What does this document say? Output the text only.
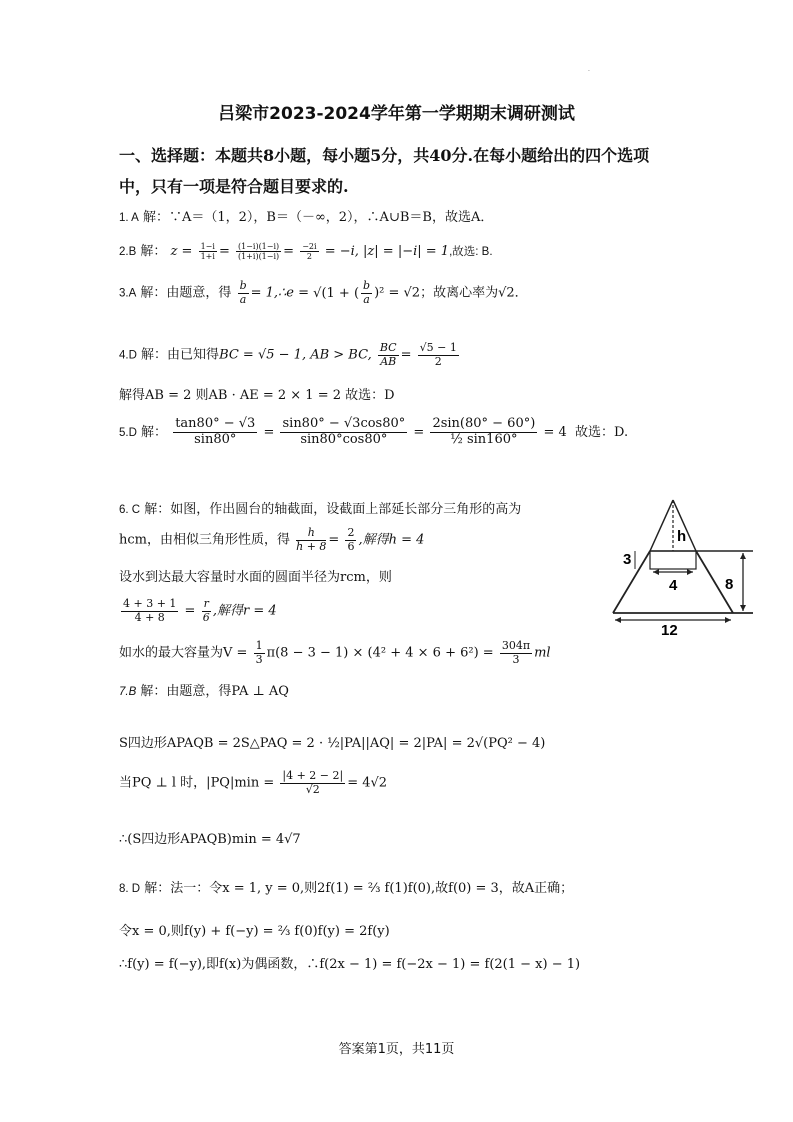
.
吕梁市2023-2024学年第一学期期末调研测试
一、选择题：本题共8小题，每小题5分，共40分.在每小题给出的四个选项
中，只有一项是符合题目要求的.
1. A 解：∵A＝（1，2），B＝（－∞，2），∴A∪B＝B，故选A．
2.B 解： $z = \frac{1-i}{1+i} = \frac{(1-i)(1-i)}{(1+i)(1-i)} = \frac{-2i}{2} = -i$, |z| = |−i| = 1,故选: B.
3.A 解：由题意，得 $\frac{b}{a}$ = 1,∴e = √(1 + ( $\frac{b}{a} )^2 = √2$；故离心率为√2．
4.D 解：由已知得BC = √5 − 1, AB > BC, $\frac{BC}{AB} = \frac{√5 - 1}{2}$
解得AB = 2 则AB · AE = 2 × 1 = 2 故选：D
5.D 解： $\frac{\tan 80^\circ - √3}{\sin 80^\circ} = \frac{\sin 80^\circ - √3\cos 80^\circ}{\sin 80^\circ\cos 80^\circ} = \frac{2\sin(80^\circ - 60^\circ)}{\text{½ sin160°}} = 4$ 故选：D.
6. C 解：如图，作出圆台的轴截面，设截面上部延长部分三角形的高为
hcm，由相似三角形性质，得 $\frac{h}{h + 8} = \frac{2}{6}$ ,解得h = 4
设水到达最大容量时水面的圆面半径为rcm，则
$\frac{4 + 3 + 1}{4 + 8} = \frac{r}{6}$ ,解得r = 4
如水的最大容量为$V = \frac{1}{3} \pi(8 - 3 - 1) \times (4^2 + 4 \times 6 + 6^2) = \frac{304\pi}{3}$ ml
h
3
4	8
12
7.B 解：由题意，得PA ⊥ AQ
S四边形APAQB = 2S△PAQ = 2 · ½|PA||AQ| = 2|PA| = 2√(PQ² − 4)
当PQ ⊥ l 时，$|PQ|\min = \frac{|4 + 2 - 2|}{√2} = 4√2$
∴(S四边形APAQB)min = 4√7
8. D 解：法一：令x = 1, y = 0,则2f(1) = ⅔ f(1)f(0),故f(0) = 3，故A正确；
令x = 0,则f(y) + f(−y) = ⅔ f(0)f(y) = 2f(y)
∴f(y) = f(−y),即f(x)为偶函数，∴f(2x − 1) = f(−2x − 1) = f(2(1 − x) − 1)
答案第1页，共11页
